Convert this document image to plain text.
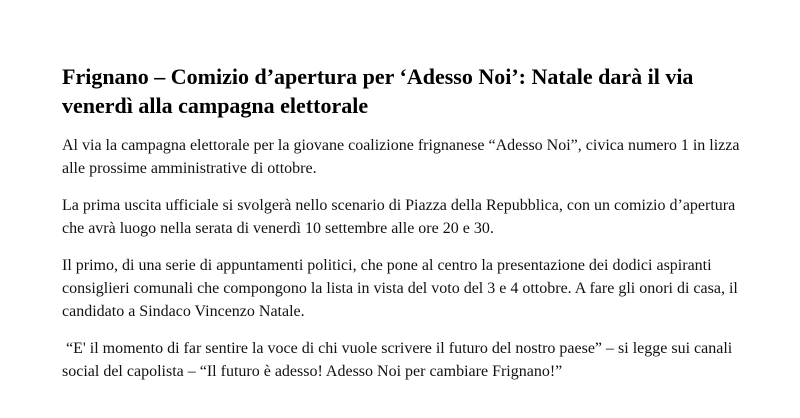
Frignano – Comizio d’apertura per ‘Adesso Noi’: Natale darà il via venerdì alla campagna elettorale

Al via la campagna elettorale per la giovane coalizione frignanese “Adesso Noi”, civica numero 1 in lizza alle prossime amministrative di ottobre.

La prima uscita ufficiale si svolgerà nello scenario di Piazza della Repubblica, con un comizio d’apertura che avrà luogo nella serata di venerdì 10 settembre alle ore 20 e 30.

Il primo, di una serie di appuntamenti politici, che pone al centro la presentazione dei dodici aspiranti consiglieri comunali che compongono la lista in vista del voto del 3 e 4 ottobre. A fare gli onori di casa, il candidato a Sindaco Vincenzo Natale.

“E' il momento di far sentire la voce di chi vuole scrivere il futuro del nostro paese” – si legge sui canali social del capolista – “Il futuro è adesso! Adesso Noi per cambiare Frignano!”
